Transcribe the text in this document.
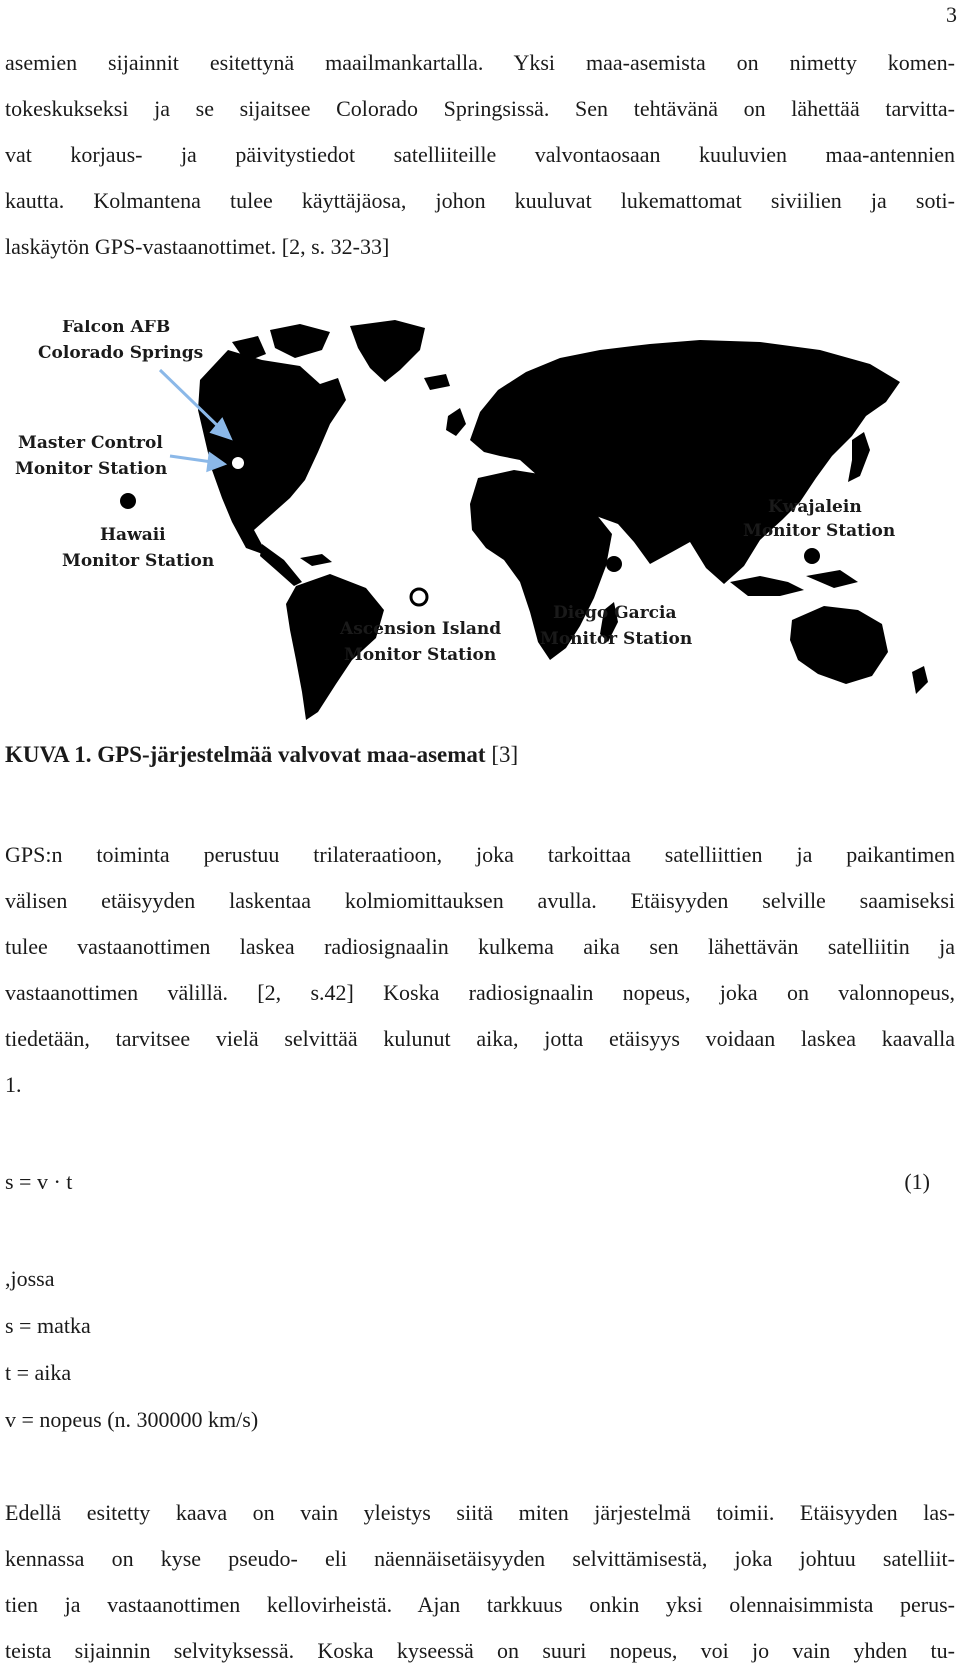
3
asemien sijainnit esitettynä maailmankartalla. Yksi maa-asemista on nimetty komen-
tokeskukseksi ja se sijaitsee Colorado Springsissä. Sen tehtävänä on lähettää tarvitta-
vat korjaus- ja päivitystiedot satelliiteille valvontaosaan kuuluvien maa-antennien
kautta. Kolmantena tulee käyttäjäosa, johon kuuluvat lukemattomat siviilien ja soti-
laskäytön GPS-vastaanottimet. [2, s. 32-33]
Falcon AFB
Colorado Springs
Master Control
Monitor Station
Hawaii
Monitor Station
Ascension Island
Monitor Station
Diego Garcia
Monitor Station
Kwajalein
Monitor Station
KUVA 1. GPS-järjestelmää valvovat maa-asemat [3]
GPS:n toiminta perustuu trilateraatioon, joka tarkoittaa satelliittien ja paikantimen
välisen etäisyyden laskentaa kolmiomittauksen avulla. Etäisyyden selville saamiseksi
tulee vastaanottimen laskea radiosignaalin kulkema aika sen lähettävän satelliitin ja
vastaanottimen välillä. [2, s.42] Koska radiosignaalin nopeus, joka on valonnopeus,
tiedetään, tarvitsee vielä selvittää kulunut aika, jotta etäisyys voidaan laskea kaavalla
1.
s = v · t	(1)
,jossa
s = matka
t = aika
v = nopeus (n. 300000 km/s)
Edellä esitetty kaava on vain yleistys siitä miten järjestelmä toimii. Etäisyyden las-
kennassa on kyse pseudo- eli näennäisetäisyyden selvittämisestä, joka johtuu satelliit-
tien ja vastaanottimen kellovirheistä. Ajan tarkkuus onkin yksi olennaisimmista perus-
teista sijainnin selvityksessä. Koska kyseessä on suuri nopeus, voi jo vain yhden tu-
